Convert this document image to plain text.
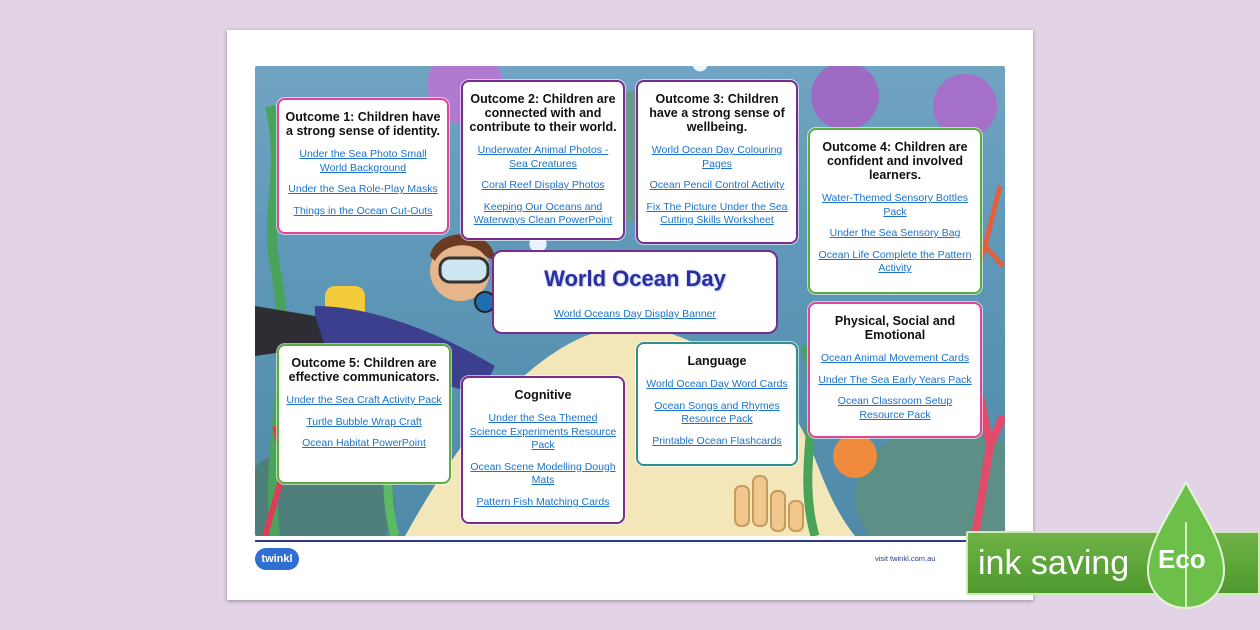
Outcome 1: Children have a strong sense of identity.
Under the Sea Photo Small World Background
Under the Sea Role-Play Masks
Things in the Ocean Cut-Outs
Outcome 2: Children are connected with and contribute to their world.
Underwater Animal Photos - Sea Creatures
Coral Reef Display Photos
Keeping Our Oceans and Waterways Clean PowerPoint
Outcome 3: Children have a strong sense of wellbeing.
World Ocean Day Colouring Pages
Ocean Pencil Control Activity
Fix The Picture Under the Sea Cutting Skills Worksheet
Outcome 4: Children are confident and involved learners.
Water-Themed Sensory Bottles Pack
Under the Sea Sensory Bag
Ocean Life Complete the Pattern Activity
World Ocean Day
World Oceans Day Display Banner	Physical, Social and Emotional
Ocean Animal Movement Cards
Under The Sea Early Years Pack
Ocean Classroom Setup Resource Pack
Outcome 5: Children are effective communicators.
Under the Sea Craft Activity Pack
Turtle Bubble Wrap Craft
Ocean Habitat PowerPoint
Language
World Ocean Day Word Cards
Ocean Songs and Rhymes Resource Pack
Printable Ocean Flashcards
Cognitive
Under the Sea Themed Science Experiments Resource Pack
Ocean Scene Modelling Dough Mats
Pattern Fish Matching Cards
twinkl	visit twinkl.com.au ink saving Eco
